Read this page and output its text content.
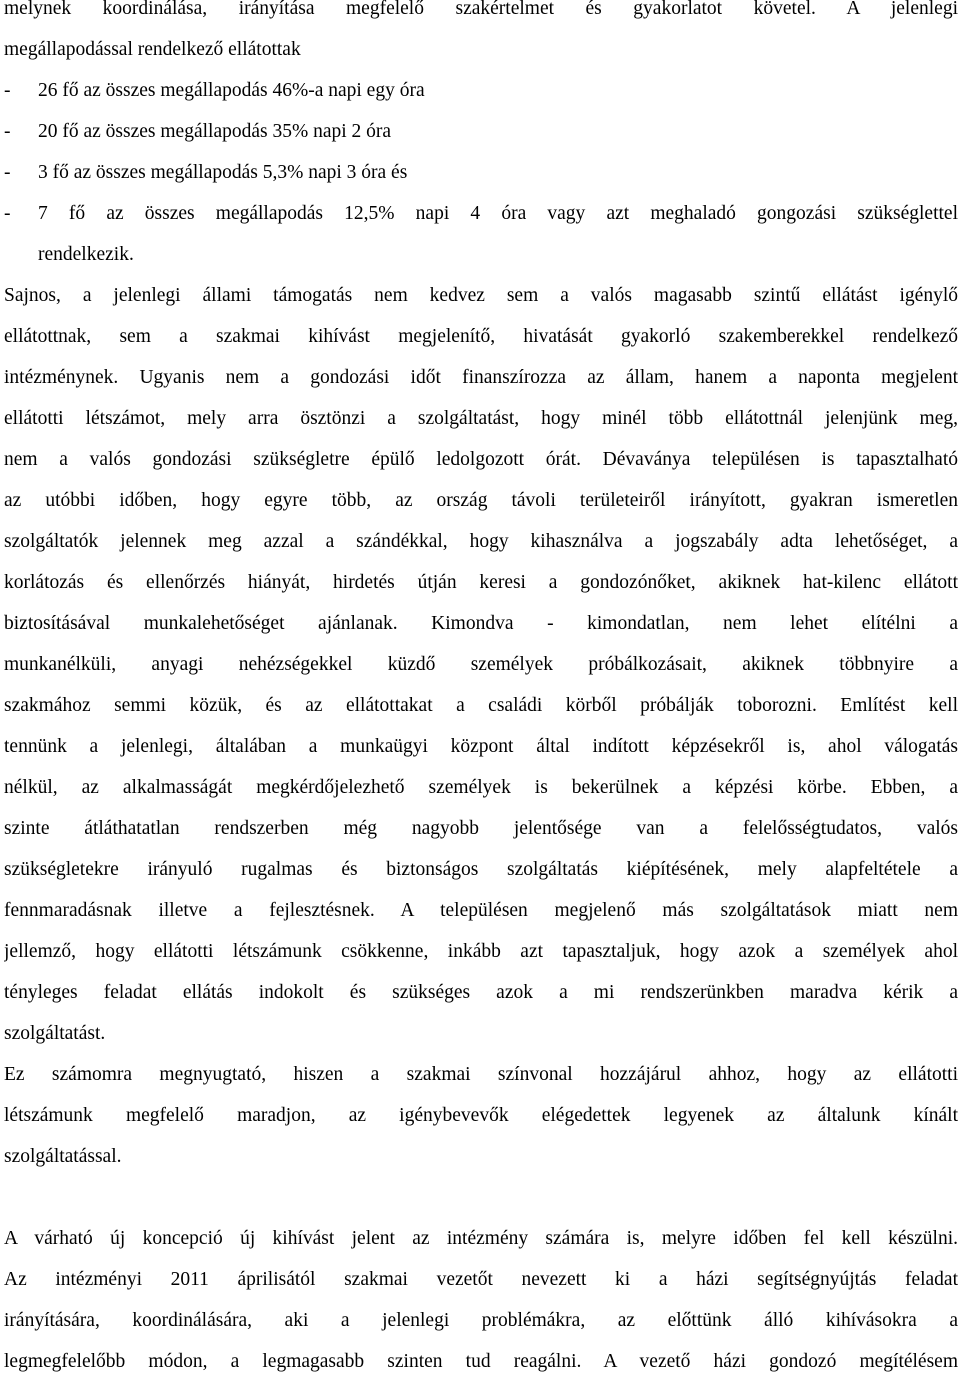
melynek koordinálása, irányítása megfelelő szakértelmet és gyakorlatot követel. A jelenlegi
megállapodással rendelkező ellátottak
-	26 fő az összes megállapodás 46%-a napi egy óra
-	20 fő az összes megállapodás 35% napi 2 óra
-	3 fő az összes megállapodás 5,3% napi 3 óra és
-	7 fő az összes megállapodás 12,5% napi 4 óra vagy azt meghaladó gongozási szükséglettel
rendelkezik.
Sajnos, a jelenlegi állami támogatás nem kedvez sem a valós magasabb szintű ellátást igénylő
ellátottnak, sem a szakmai kihívást megjelenítő, hivatását gyakorló szakemberekkel rendelkező
intézménynek. Ugyanis nem a gondozási időt finanszírozza az állam, hanem a naponta megjelent
ellátotti létszámot, mely arra ösztönzi a szolgáltatást, hogy minél több ellátottnál jelenjünk meg,
nem a valós gondozási szükségletre épülő ledolgozott órát. Dévaványa településen is tapasztalható
az utóbbi időben, hogy egyre több, az ország távoli területeiről irányított, gyakran ismeretlen
szolgáltatók jelennek meg azzal a szándékkal, hogy kihasználva a jogszabály adta lehetőséget, a
korlátozás és ellenőrzés hiányát, hirdetés útján keresi a gondozónőket, akiknek hat-kilenc ellátott
biztosításával munkalehetőséget ajánlanak. Kimondva - kimondatlan, nem lehet elítélni a
munkanélküli, anyagi nehézségekkel küzdő személyek próbálkozásait, akiknek többnyire a
szakmához semmi közük, és az ellátottakat a családi körből próbálják toborozni. Említést kell
tennünk a jelenlegi, általában a munkaügyi központ által indított képzésekről is, ahol válogatás
nélkül, az alkalmasságát megkérdőjelezhető személyek is bekerülnek a képzési körbe. Ebben, a
szinte átláthatatlan rendszerben még nagyobb jelentősége van a felelősségtudatos, valós
szükségletekre irányuló rugalmas és biztonságos szolgáltatás kiépítésének, mely alapfeltétele a
fennmaradásnak illetve a fejlesztésnek. A településen megjelenő más szolgáltatások miatt nem
jellemző, hogy ellátotti létszámunk csökkenne, inkább azt tapasztaljuk, hogy azok a személyek ahol
tényleges feladat ellátás indokolt és szükséges azok a mi rendszerünkben maradva kérik a
szolgáltatást.
Ez számomra megnyugtató, hiszen a szakmai színvonal hozzájárul ahhoz, hogy az ellátotti
létszámunk megfelelő maradjon, az igénybevevők elégedettek legyenek az általunk kínált
szolgáltatással.
A várható új koncepció új kihívást jelent az intézmény számára is, melyre időben fel kell készülni.
Az intézményi 2011 áprilisától szakmai vezetőt nevezett ki a házi segítségnyújtás feladat
irányítására, koordinálására, aki a jelenlegi problémákra, az előttünk álló kihívásokra a
legmegfelelőbb módon, a legmagasabb szinten tud reagálni. A vezető házi gondozó megítélésem
